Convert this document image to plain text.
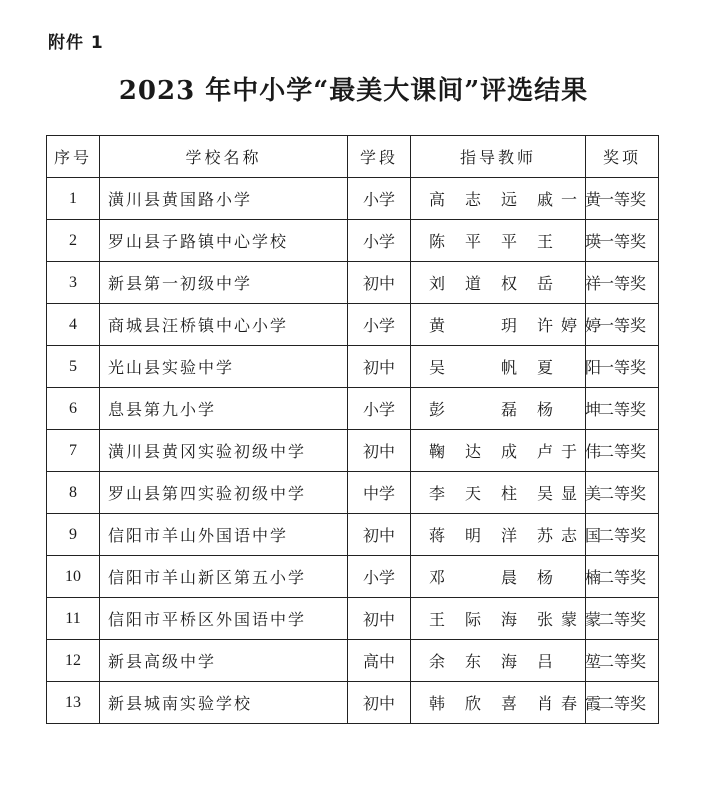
附件 1
2023 年中小学“最美大课间”评选结果
序号	学校名称	学段	指导教师	奖项
1	潢川县黄国路小学	小学	高志远 戚一黄	一等奖
2	罗山县子路镇中心学校	小学	陈平平 王 瑛	一等奖
3	新县第一初级中学	初中	刘道权 岳 祥	一等奖
4	商城县汪桥镇中心小学	小学	黄 玥 许婷婷	一等奖
5	光山县实验中学	初中	吴 帆 夏 阳	一等奖
6	息县第九小学	小学	彭 磊 杨 坤	二等奖
7	潢川县黄冈实验初级中学	初中	鞠达成 卢于伟	二等奖
8	罗山县第四实验初级中学	中学	李天柱 吴显美	二等奖
9	信阳市羊山外国语中学	初中	蒋明洋 苏志国	二等奖
10	信阳市羊山新区第五小学	小学	邓 晨 杨 楠	二等奖
11	信阳市平桥区外国语中学	初中	王际海 张蒙蒙	二等奖
12	新县高级中学	高中	余东海 吕 堃	二等奖
13	新县城南实验学校	初中	韩欣喜 肖春霞	二等奖
